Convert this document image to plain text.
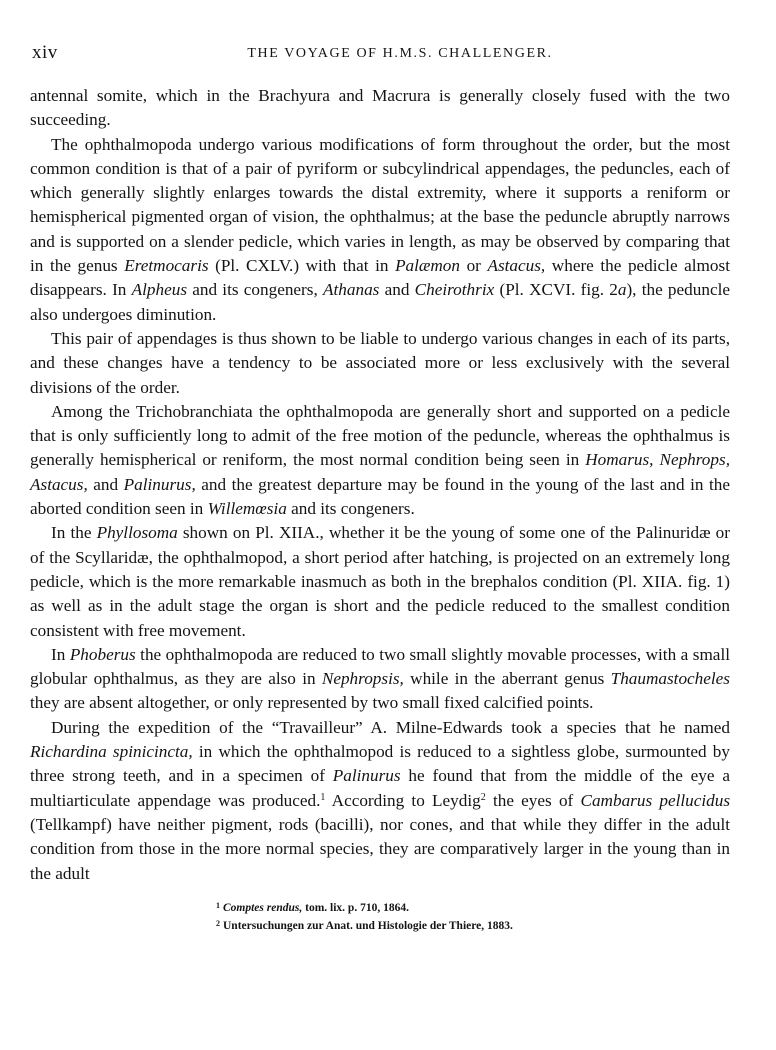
xiv	THE VOYAGE OF H.M.S. CHALLENGER.

antennal somite, which in the Brachyura and Macrura is generally closely fused with the two succeeding.

The ophthalmopoda undergo various modifications of form throughout the order, but the most common condition is that of a pair of pyriform or subcylindrical appendages, the peduncles, each of which generally slightly enlarges towards the distal extremity, where it supports a reniform or hemispherical pigmented organ of vision, the ophthalmus; at the base the peduncle abruptly narrows and is supported on a slender pedicle, which varies in length, as may be observed by comparing that in the genus Eretmocaris (Pl. CXLV.) with that in Palæmon or Astacus, where the pedicle almost disappears. In Alpheus and its congeners, Athanas and Cheirothrix (Pl. XCVI. fig. 2a), the peduncle also undergoes diminution.

This pair of appendages is thus shown to be liable to undergo various changes in each of its parts, and these changes have a tendency to be associated more or less exclusively with the several divisions of the order.

Among the Trichobranchiata the ophthalmopoda are generally short and supported on a pedicle that is only sufficiently long to admit of the free motion of the peduncle, whereas the ophthalmus is generally hemispherical or reniform, the most normal condition being seen in Homarus, Nephrops, Astacus, and Palinurus, and the greatest departure may be found in the young of the last and in the aborted condition seen in Willemœsia and its congeners.

In the Phyllosoma shown on Pl. XIIA., whether it be the young of some one of the Palinuridæ or of the Scyllaridæ, the ophthalmopod, a short period after hatching, is projected on an extremely long pedicle, which is the more remarkable inasmuch as both in the brephalos condition (Pl. XIIA. fig. 1) as well as in the adult stage the organ is short and the pedicle reduced to the smallest condition consistent with free movement.

In Phoberus the ophthalmopoda are reduced to two small slightly movable processes, with a small globular ophthalmus, as they are also in Nephropsis, while in the aberrant genus Thaumastocheles they are absent altogether, or only represented by two small fixed calcified points.

During the expedition of the “Travailleur” A. Milne-Edwards took a species that he named Richardina spinicincta, in which the ophthalmopod is reduced to a sightless globe, surmounted by three strong teeth, and in a specimen of Palinurus he found that from the middle of the eye a multiarticulate appendage was produced.$^1$ According to Leydig$^2$ the eyes of Cambarus pellucidus (Tellkampf) have neither pigment, rods (bacilli), nor cones, and that while they differ in the adult condition from those in the more normal species, they are comparatively larger in the young than in the adult

$^1$ Comptes rendus, tom. lix. p. 710, 1864.
$^2$ Untersuchungen zur Anat. und Histologie der Thiere, 1883.
